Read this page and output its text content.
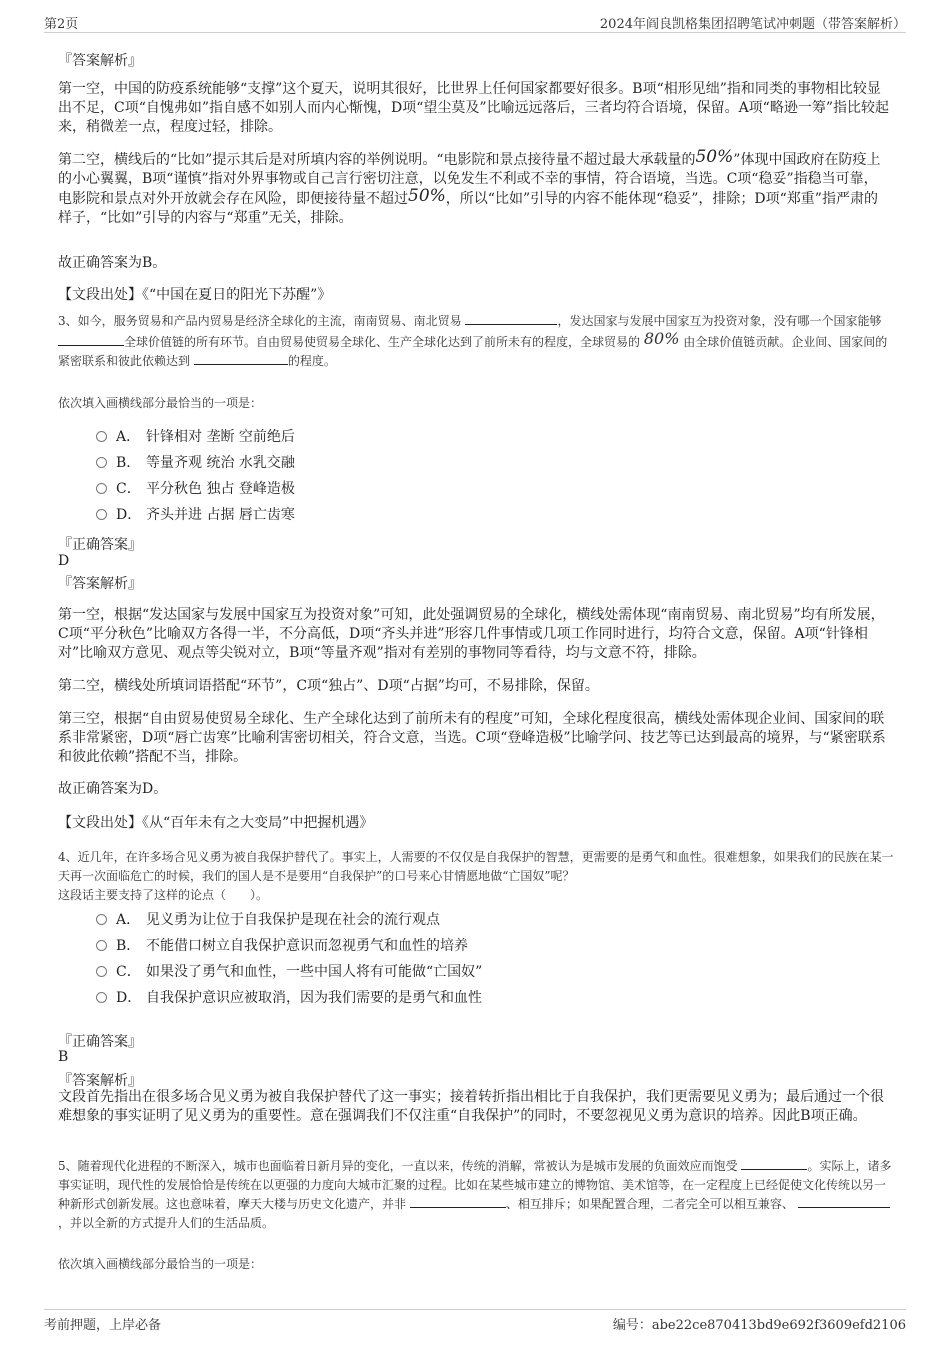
第2页	2024年阎良凯格集团招聘笔试冲刺题（带答案解析）
『答案解析』
第一空，中国的防疫系统能够“支撑”这个夏天，说明其很好，比世界上任何国家都要好很多。B项“相形见绌”指和同类的事物相比较显出不足，C项“自愧弗如”指自感不如别人而内心惭愧，D项“望尘莫及”比喻远远落后，三者均符合语境，保留。A项“略逊一筹”指比较起来，稍微差一点，程度过轻，排除。
第二空，横线后的“比如”提示其后是对所填内容的举例说明。“电影院和景点接待量不超过最大承载量的50%”体现中国政府在防疫上的小心翼翼，B项“谨慎”指对外界事物或自己言行密切注意，以免发生不利或不幸的事情，符合语境，当选。C项“稳妥”指稳当可靠，电影院和景点对外开放就会存在风险，即便接待量不超过50%，所以“比如”引导的内容不能体现“稳妥”，排除；D项“郑重”指严肃的样子，“比如”引导的内容与“郑重”无关，排除。
故正确答案为B。
【文段出处】《“中国在夏日的阳光下苏醒”》
3、如今，服务贸易和产品内贸易是经济全球化的主流，南南贸易、南北贸易	，发达国家与发展中国家互为投资对象，没有哪一个国家能够 全球价值链的所有环节。自由贸易使贸易全球化、生产全球化达到了前所未有的程度，全球贸易的 80% 由全球价值链贡献。企业间、国家间的紧密联系和彼此依赖达到	的程度。
依次填入画横线部分最恰当的一项是：
A． 针锋相对 垄断 空前绝后
B． 等量齐观 统治 水乳交融
C． 平分秋色 独占 登峰造极
D． 齐头并进 占据 唇亡齿寒
『正确答案』
D
『答案解析』
第一空，根据“发达国家与发展中国家互为投资对象”可知，此处强调贸易的全球化，横线处需体现“南南贸易、南北贸易”均有所发展，C项“平分秋色”比喻双方各得一半，不分高低，D项“齐头并进”形容几件事情或几项工作同时进行，均符合文意，保留。A项“针锋相对”比喻双方意见、观点等尖锐对立，B项“等量齐观”指对有差别的事物同等看待，均与文意不符，排除。
第二空，横线处所填词语搭配“环节”，C项“独占”、D项“占据”均可，不易排除，保留。
第三空，根据“自由贸易使贸易全球化、生产全球化达到了前所未有的程度”可知，全球化程度很高，横线处需体现企业间、国家间的联系非常紧密，D项“唇亡齿寒”比喻利害密切相关，符合文意，当选。C项“登峰造极”比喻学问、技艺等已达到最高的境界，与“紧密联系和彼此依赖”搭配不当，排除。
故正确答案为D。
【文段出处】《从“百年未有之大变局”中把握机遇》
4、近几年，在许多场合见义勇为被自我保护替代了。事实上，人需要的不仅仅是自我保护的智慧，更需要的是勇气和血性。很难想象，如果我们的民族在某一天再一次面临危亡的时候，我们的国人是不是要用“自我保护”的口号来心甘情愿地做“亡国奴”呢？
这段话主要支持了这样的论点（　　）。
A． 见义勇为让位于自我保护是现在社会的流行观点
B． 不能借口树立自我保护意识而忽视勇气和血性的培养
C． 如果没了勇气和血性，一些中国人将有可能做“亡国奴”
D． 自我保护意识应被取消，因为我们需要的是勇气和血性
『正确答案』
B
『答案解析』
文段首先指出在很多场合见义勇为被自我保护替代了这一事实；接着转折指出相比于自我保护，我们更需要见义勇为；最后通过一个很难想象的事实证明了见义勇为的重要性。意在强调我们不仅注重“自我保护”的同时，不要忽视见义勇为意识的培养。因此B项正确。
5、随着现代化进程的不断深入，城市也面临着日新月异的变化，一直以来，传统的消解，常被认为是城市发展的负面效应而饱受	。实际上，诸多事实证明，现代性的发展恰恰是传统在以更强的力度向大城市汇聚的过程。比如在某些城市建立的博物馆、美术馆等，在一定程度上已经促使文化传统以另一种新形式创新发展。这也意味着，摩天大楼与历史文化遗产，并非	、相互排斥；如果配置合理，二者完全可以相互兼容、 ，并以全新的方式提升人们的生活品质。
依次填入画横线部分最恰当的一项是：
考前押题，上岸必备	编号：abe22ce870413bd9e692f3609efd2106
